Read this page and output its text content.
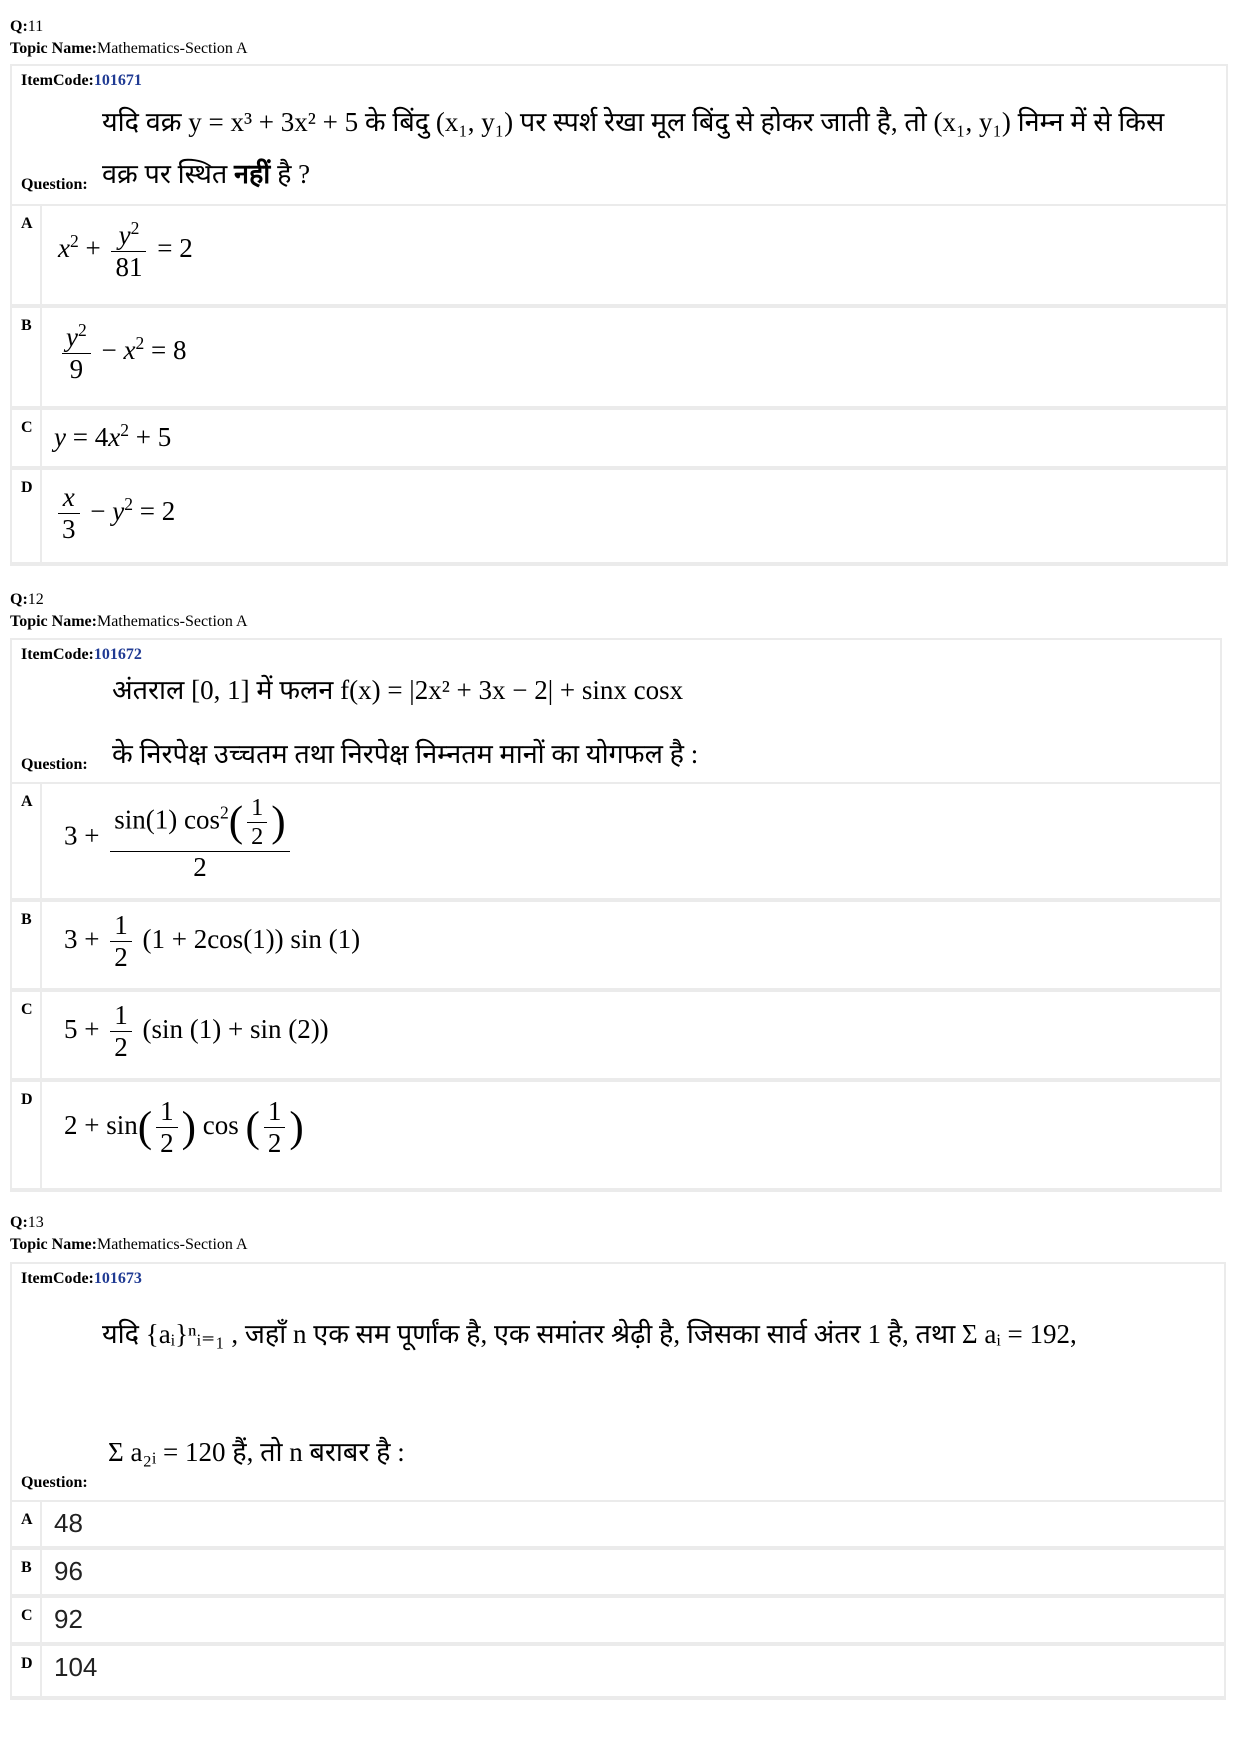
Q:11
Topic Name:Mathematics-Section A
ItemCode:101671
यदि वक्र y = x³ + 3x² + 5 के बिंदु (x₁, y₁) पर स्पर्श रेखा मूल बिंदु से होकर जाती है, तो (x₁, y₁) निम्न में से किस
Question: वक्र पर स्थित नहीं है ?
A
$x^2 + \frac{y^2}{81} = 2$
B	$\frac{y^2}{9} - x^2 = 8$
C $y = 4x^2 + 5$
D $\frac{x}{3} - y^2 = 2$
Q:12
Topic Name:Mathematics-Section A
ItemCode:101672
अंतराल [0, 1] में फलन f(x) = |2x² + 3x − 2| + sinx cosx
Question: के निरपेक्ष उच्चतम तथा निरपेक्ष निम्नतम मानों का योगफल है :
A
$3 + \frac{\sin(1) \cos^2( \frac{1}{2} )}{2}$
B
$3 + \frac{1}{2} (1 + 2\cos(1))$ sin (1)
C
$5 + \frac{1}{2} (\sin$ (1) + sin (2))
D
$2 + \sin( \frac{1}{2}$ ) cos ( $\frac{1}{2}$ )
Q:13
Topic Name:Mathematics-Section A
ItemCode:101673
यदि {aᵢ}ⁿᵢ₌₁ , जहाँ n एक सम पूर्णांक है, एक समांतर श्रेढ़ी है, जिसका सार्व अंतर 1 है, तथा Σ aᵢ = 192,
Question:
Σ a₂ᵢ = 120 हैं, तो n बराबर है :
A 48
B 96
C 92
D 104
